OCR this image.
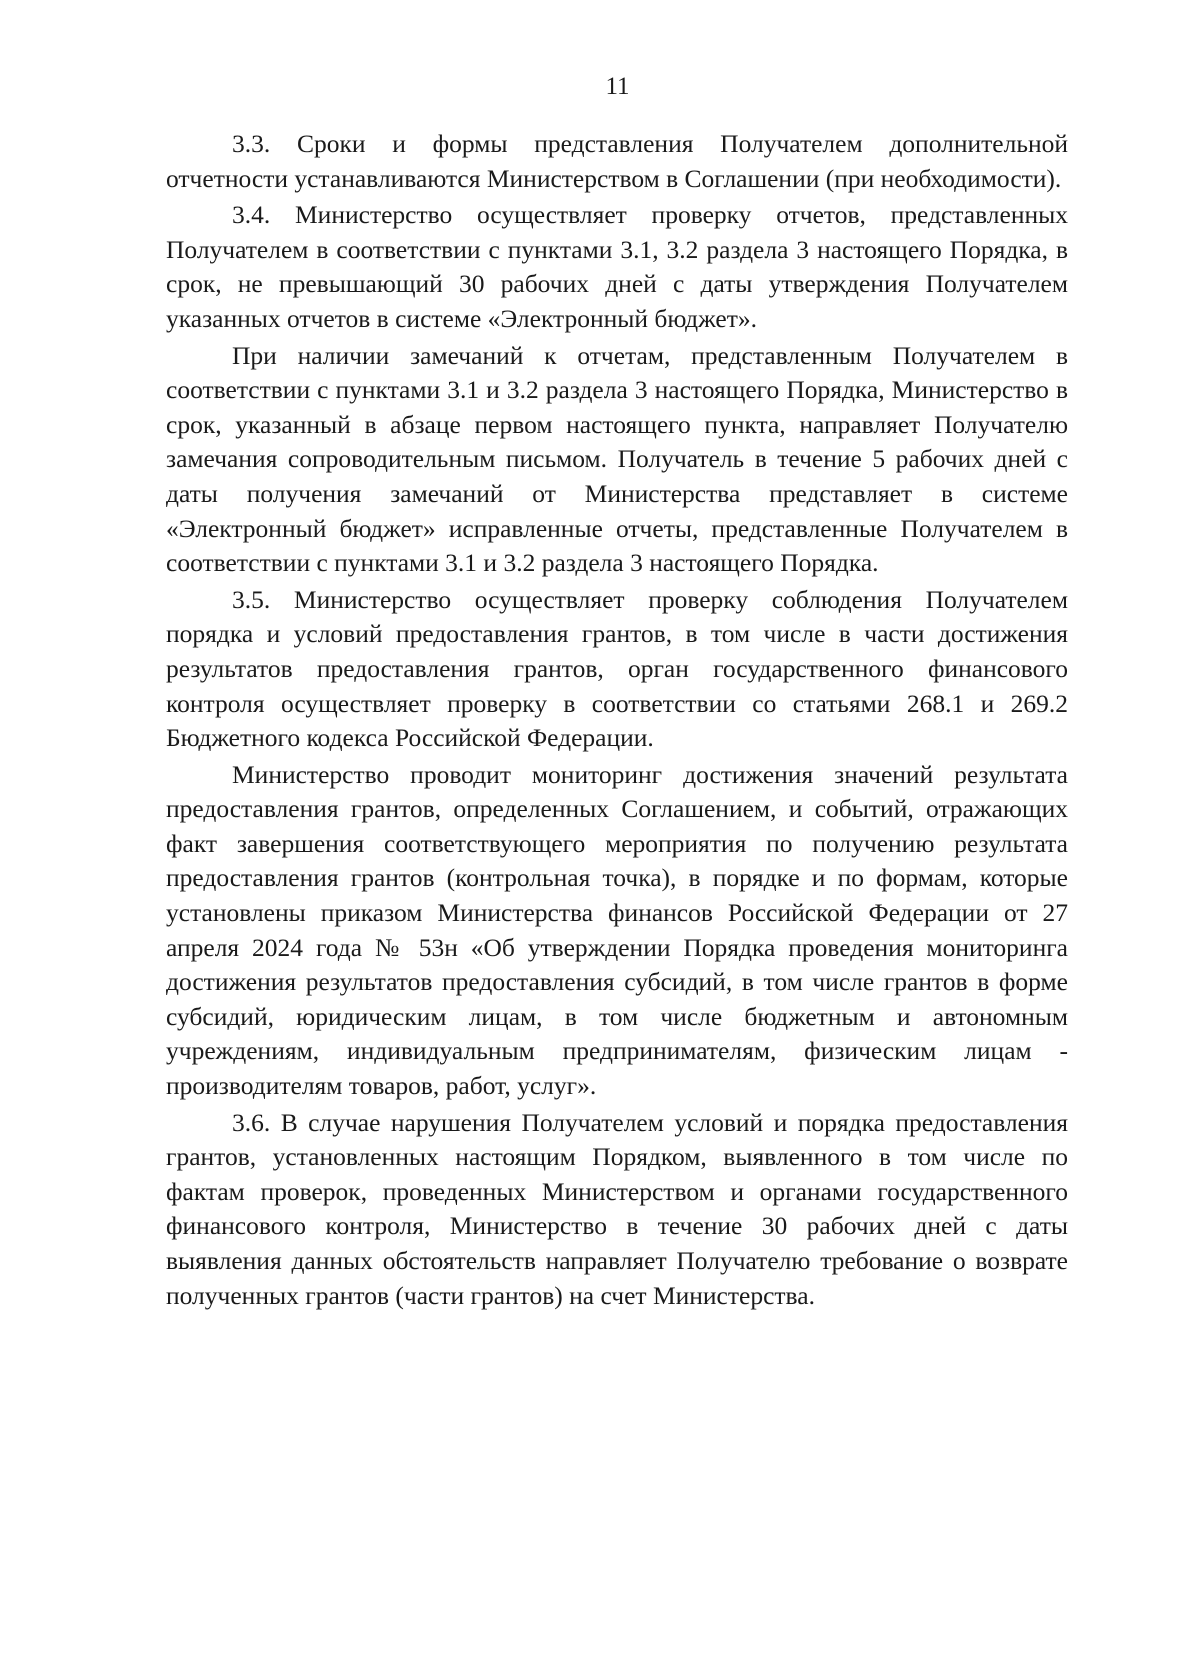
11

3.3. Сроки и формы представления Получателем дополнительной отчетности устанавливаются Министерством в Соглашении (при необходимости).

3.4. Министерство осуществляет проверку отчетов, представленных Получателем в соответствии с пунктами 3.1, 3.2 раздела 3 настоящего Порядка, в срок, не превышающий 30 рабочих дней с даты утверждения Получателем указанных отчетов в системе «Электронный бюджет».

При наличии замечаний к отчетам, представленным Получателем в соответствии с пунктами 3.1 и 3.2 раздела 3 настоящего Порядка, Министерство в срок, указанный в абзаце первом настоящего пункта, направляет Получателю замечания сопроводительным письмом. Получатель в течение 5 рабочих дней с даты получения замечаний от Министерства представляет в системе «Электронный бюджет» исправленные отчеты, представленные Получателем в соответствии с пунктами 3.1 и 3.2 раздела 3 настоящего Порядка.

3.5. Министерство осуществляет проверку соблюдения Получателем порядка и условий предоставления грантов, в том числе в части достижения результатов предоставления грантов, орган государственного финансового контроля осуществляет проверку в соответствии со статьями 268.1 и 269.2 Бюджетного кодекса Российской Федерации.

Министерство проводит мониторинг достижения значений результата предоставления грантов, определенных Соглашением, и событий, отражающих факт завершения соответствующего мероприятия по получению результата предоставления грантов (контрольная точка), в порядке и по формам, которые установлены приказом Министерства финансов Российской Федерации от 27 апреля 2024 года № 53н «Об утверждении Порядка проведения мониторинга достижения результатов предоставления субсидий, в том числе грантов в форме субсидий, юридическим лицам, в том числе бюджетным и автономным учреждениям, индивидуальным предпринимателям, физическим лицам - производителям товаров, работ, услуг».

3.6. В случае нарушения Получателем условий и порядка предоставления грантов, установленных настоящим Порядком, выявленного в том числе по фактам проверок, проведенных Министерством и органами государственного финансового контроля, Министерство в течение 30 рабочих дней с даты выявления данных обстоятельств направляет Получателю требование о возврате полученных грантов (части грантов) на счет Министерства.
